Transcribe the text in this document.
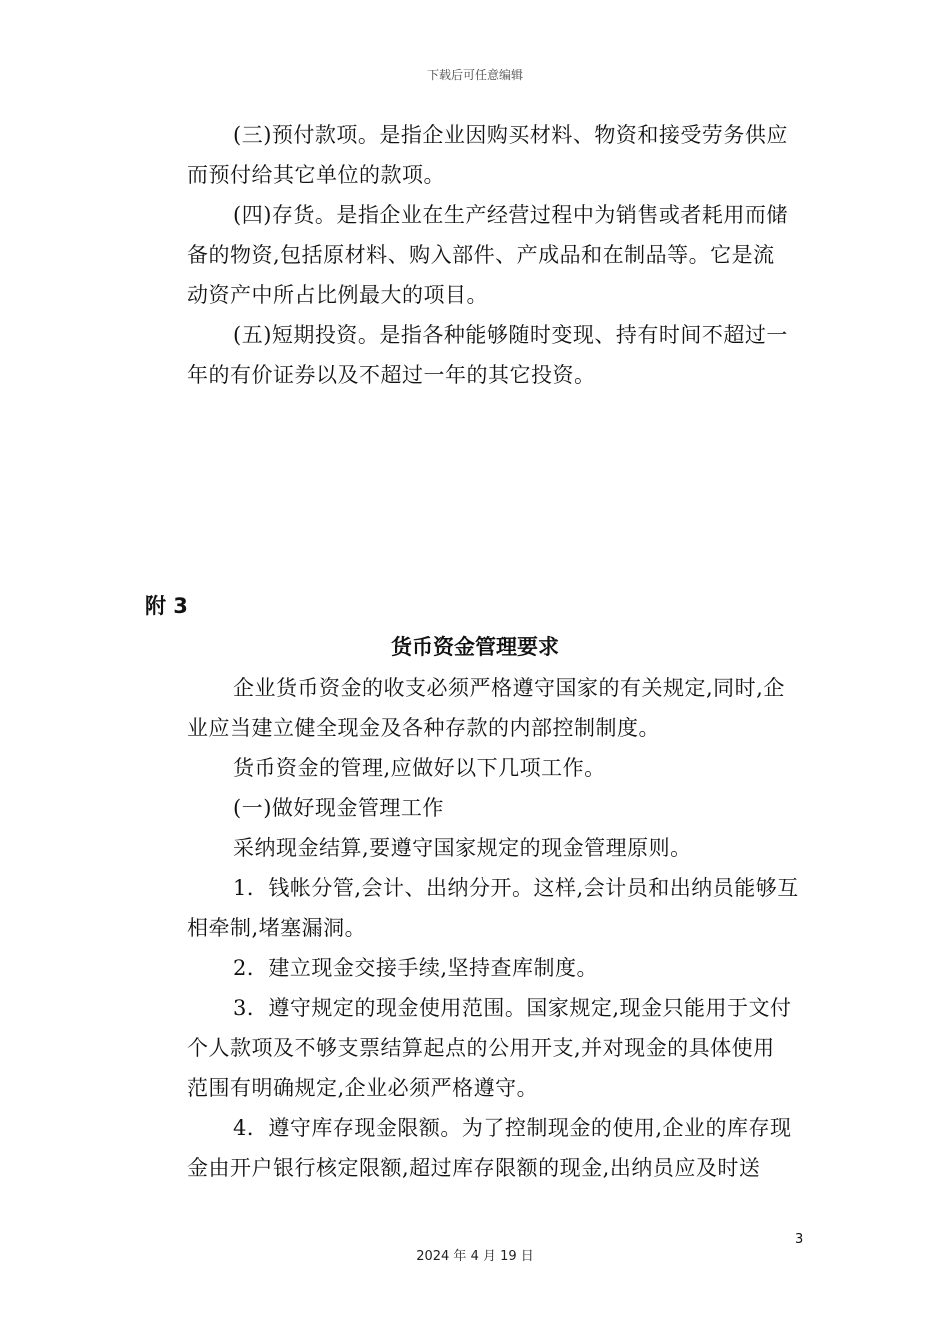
下载后可任意编辑

(三)预付款项。是指企业因购买材料、物资和接受劳务供应
而预付给其它单位的款项。

(四)存货。是指企业在生产经营过程中为销售或者耗用而储
备的物资,包括原材料、购入部件、产成品和在制品等。它是流
动资产中所占比例最大的项目。

(五)短期投资。是指各种能够随时变现、持有时间不超过一
年的有价证券以及不超过一年的其它投资。

附 3
货币资金管理要求

企业货币资金的收支必须严格遵守国家的有关规定,同时,企
业应当建立健全现金及各种存款的内部控制制度。

货币资金的管理,应做好以下几项工作。

(一)做好现金管理工作

采纳现金结算,要遵守国家规定的现金管理原则。

1．钱帐分管,会计、出纳分开。这样,会计员和出纳员能够互
相牵制,堵塞漏洞。

2．建立现金交接手续,坚持查库制度。

3．遵守规定的现金使用范围。国家规定,现金只能用于文付
个人款项及不够支票结算起点的公用开支,并对现金的具体使用
范围有明确规定,企业必须严格遵守。

4．遵守库存现金限额。为了控制现金的使用,企业的库存现
金由开户银行核定限额,超过库存限额的现金,出纳员应及时送

3
2024 年 4 月 19 日
